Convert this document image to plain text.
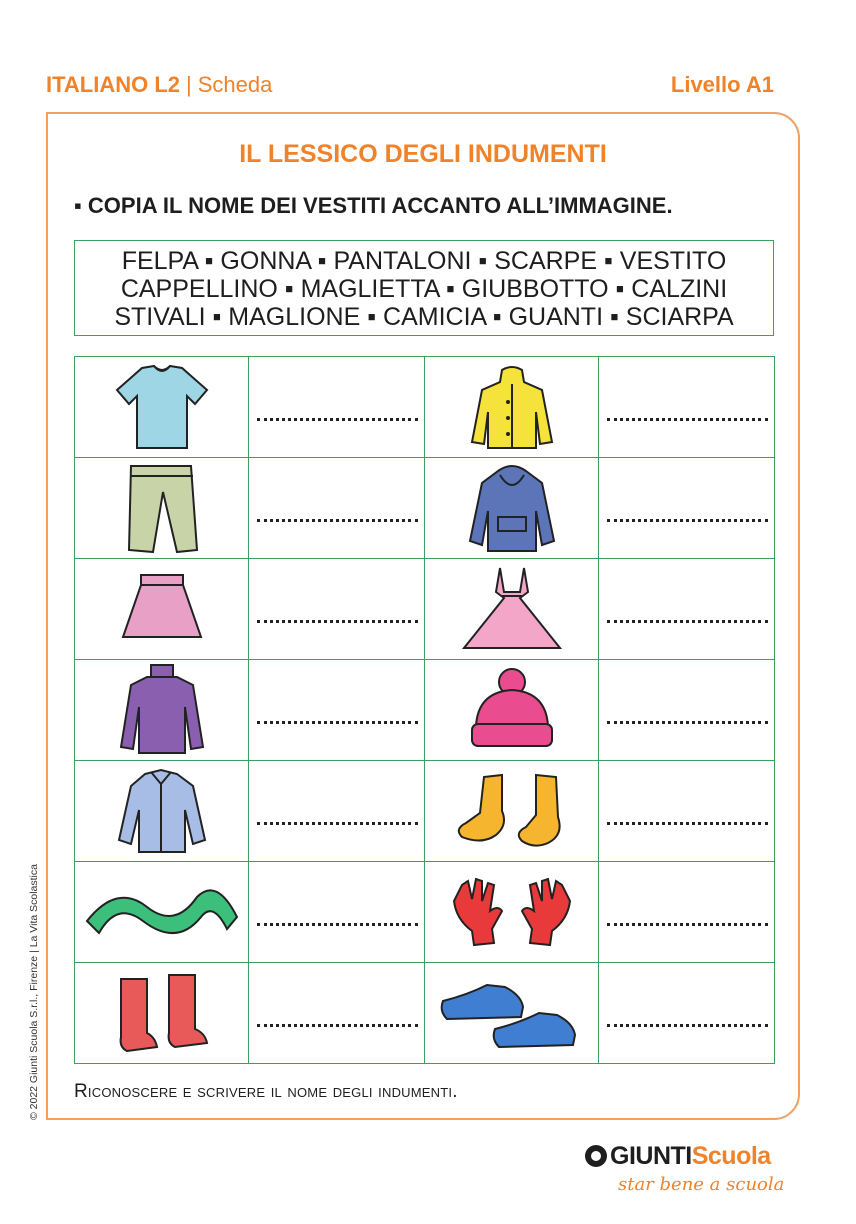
ITALIANO L2 | Scheda	Livello A1
IL LESSICO DEGLI INDUMENTI
▪ COPIA IL NOME DEI VESTITI ACCANTO ALL’IMMAGINE.
FELPA ▪ GONNA ▪ PANTALONI ▪ SCARPE ▪ VESTITO
CAPPELLINO ▪ MAGLIETTA ▪ GIUBBOTTO ▪ CALZINI
STIVALI ▪ MAGLIONE ▪ CAMICIA ▪ GUANTI ▪ SCIARPA

Riconoscere e scrivere il nome degli indumenti.
© 2022 Giunti Scuola S.r.l., Firenze | La Vita Scolastica
GIUNTIScuola
star bene a scuola
